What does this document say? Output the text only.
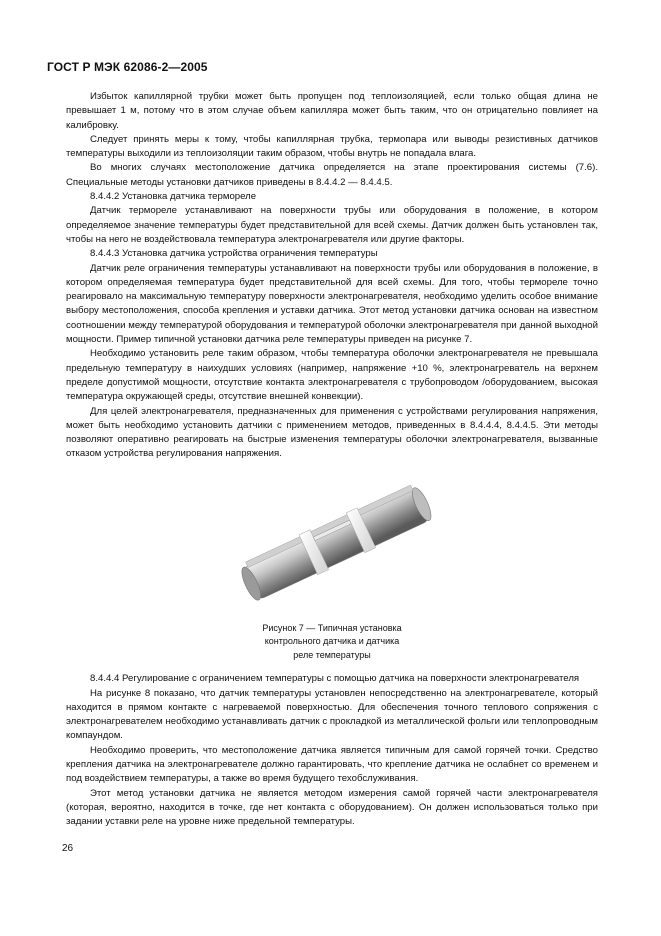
ГОСТ Р МЭК 62086-2—2005

Избыток капиллярной трубки может быть пропущен под теплоизоляцией, если только общая длина не превышает 1 м, потому что в этом случае объем капилляра может быть таким, что он отрицательно повлияет на калибровку.

Следует принять меры к тому, чтобы капиллярная трубка, термопара или выводы резистивных датчиков температуры выходили из теплоизоляции таким образом, чтобы внутрь не попадала влага.

Во многих случаях местоположение датчика определяется на этапе проектирования системы (7.6). Специальные методы установки датчиков приведены в 8.4.4.2 — 8.4.4.5.

8.4.4.2 Установка датчика термореле

Датчик термореле устанавливают на поверхности трубы или оборудования в положение, в котором определяемое значение температуры будет представительной для всей схемы. Датчик должен быть установлен так, чтобы на него не воздействовала температура электронагревателя или другие факторы.

8.4.4.3 Установка датчика устройства ограничения температуры

Датчик реле ограничения температуры устанавливают на поверхности трубы или оборудования в положение, в котором определяемая температура будет представительной для всей схемы. Для того, чтобы термореле точно реагировало на максимальную температуру поверхности электронагревателя, необходимо уделить особое внимание выбору местоположения, способа крепления и уставки датчика. Этот метод установки датчика основан на известном соотношении между температурой оборудования и температурой оболочки электронагревателя при данной выходной мощности. Пример типичной установки датчика реле температуры приведен на рисунке 7.

Необходимо установить реле таким образом, чтобы температура оболочки электронагревателя не превышала предельную температуру в наихудших условиях (например, напряжение +10 %, электронагреватель на верхнем пределе допустимой мощности, отсутствие контакта электронагревателя с трубопроводом /оборудованием, высокая температура окружающей среды, отсутствие внешней конвекции).

Для целей электронагревателя, предназначенных для применения с устройствами регулирования напряжения, может быть необходимо установить датчики с применением методов, приведенных в 8.4.4.4, 8.4.4.5. Эти методы позволяют оперативно реагировать на быстрые изменения температуры оболочки электронагревателя, вызванные отказом устройства регулирования напряжения.

Рисунок 7 — Типичная установка
контрольного датчика и датчика
реле температуры

8.4.4.4 Регулирование с ограничением температуры с помощью датчика на поверхности электронагревателя

На рисунке 8 показано, что датчик температуры установлен непосредственно на электронагревателе, который находится в прямом контакте с нагреваемой поверхностью. Для обеспечения точного теплового сопряжения с электронагревателем необходимо устанавливать датчик с прокладкой из металлической фольги или теплопроводным компаундом.

Необходимо проверить, что местоположение датчика является типичным для самой горячей точки. Средство крепления датчика на электронагревателе должно гарантировать, что крепление датчика не ослабнет со временем и под воздействием температуры, а также во время будущего техобслуживания.

Этот метод установки датчика не является методом измерения самой горячей части электронагревателя (которая, вероятно, находится в точке, где нет контакта с оборудованием). Он должен использоваться только при задании уставки реле на уровне ниже предельной температуры.

26
